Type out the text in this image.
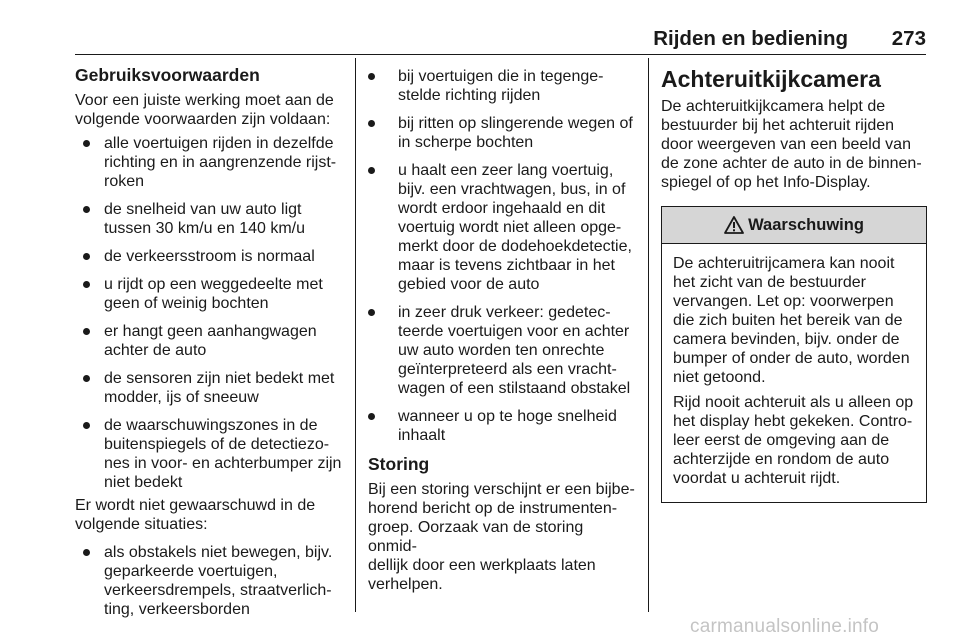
Rijden en bediening 273
Gebruiksvoorwaarden

Voor een juiste werking moet aan de
volgende voorwaarden zijn voldaan:

alle voertuigen rijden in dezelfde
richting en in aangrenzende rijst-
roken
de snelheid van uw auto ligt
tussen 30 km/u en 140 km/u
de verkeersstroom is normaal
u rijdt op een weggedeelte met
geen of weinig bochten
er hangt geen aanhangwagen
achter de auto
de sensoren zijn niet bedekt met
modder, ijs of sneeuw
de waarschuwingszones in de
buitenspiegels of de detectiezo-
nes in voor- en achterbumper zijn
niet bedekt

Er wordt niet gewaarschuwd in de
volgende situaties:

als obstakels niet bewegen, bijv.
geparkeerde voertuigen,
verkeersdrempels, straatverlich-
ting, verkeersborden
bij voertuigen die in tegenge-
stelde richting rijden
bij ritten op slingerende wegen of
in scherpe bochten
u haalt een zeer lang voertuig,
bijv. een vrachtwagen, bus, in of
wordt erdoor ingehaald en dit
voertuig wordt niet alleen opge-
merkt door de dodehoekdetectie,
maar is tevens zichtbaar in het
gebied voor de auto
in zeer druk verkeer: gedetec-
teerde voertuigen voor en achter
uw auto worden ten onrechte
geïnterpreteerd als een vracht-
wagen of een stilstaand obstakel
wanneer u op te hoge snelheid
inhaalt
Storing

Bij een storing verschijnt er een bijbe-
horend bericht op de instrumenten-
groep. Oorzaak van de storing onmid-
dellijk door een werkplaats laten
verhelpen.

Achteruitkijkcamera

De achteruitkijkcamera helpt de
bestuurder bij het achteruit rijden
door weergeven van een beeld van
de zone achter de auto in de binnen-
spiegel of op het Info-Display.

Waarschuwing

De achteruitrijcamera kan nooit
het zicht van de bestuurder
vervangen. Let op: voorwerpen
die zich buiten het bereik van de
camera bevinden, bijv. onder de
bumper of onder de auto, worden
niet getoond.

Rijd nooit achteruit als u alleen op
het display hebt gekeken. Contro-
leer eerst de omgeving aan de
achterzijde en rondom de auto
voordat u achteruit rijdt.

carmanualsonline.info
